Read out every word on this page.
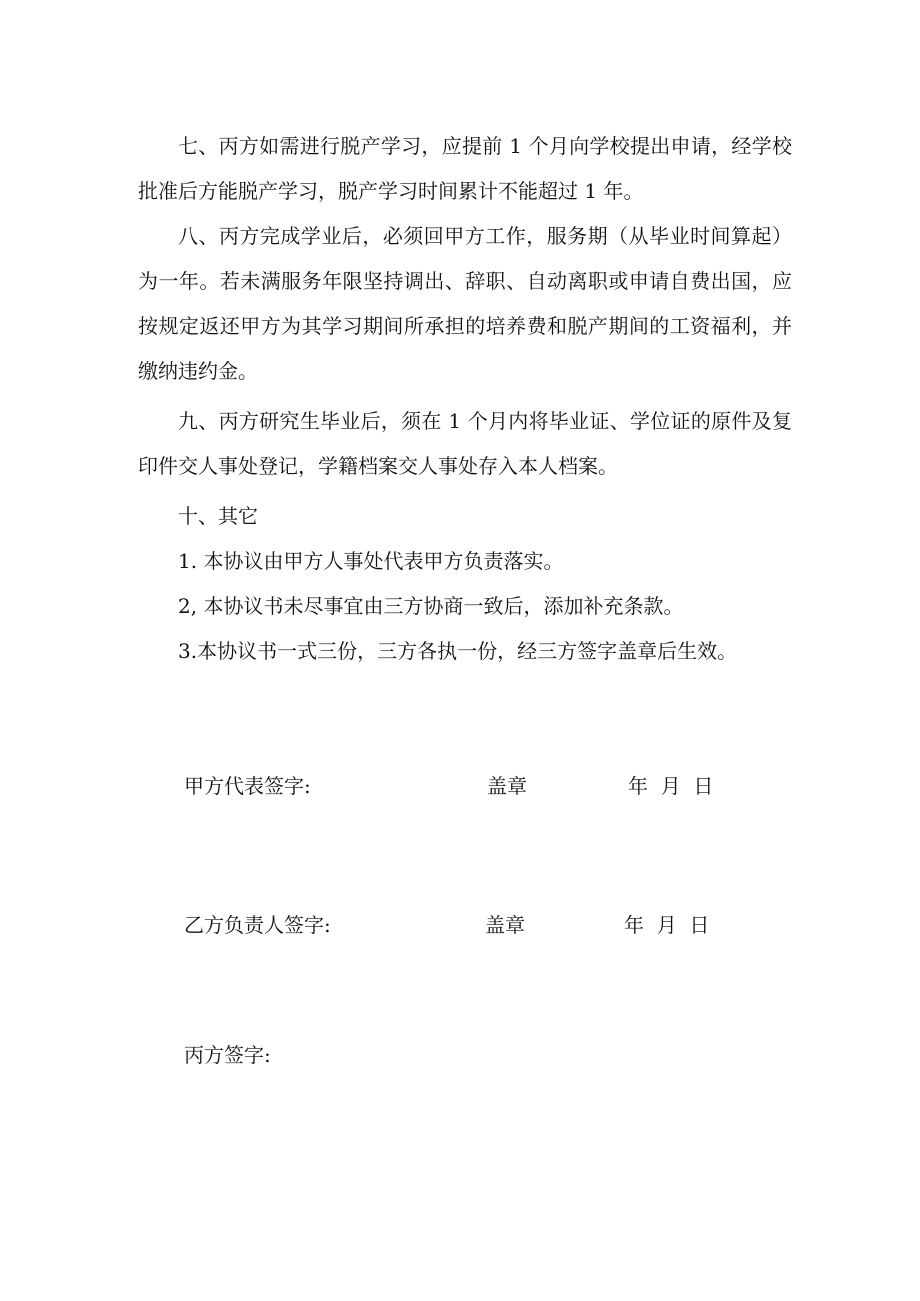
七、丙方如需进行脱产学习，应提前 1 个月向学校提出申请，经学校批准后方能脱产学习，脱产学习时间累计不能超过 1 年。

八、丙方完成学业后，必须回甲方工作，服务期（从毕业时间算起）为一年。若未满服务年限坚持调出、辞职、自动离职或申请自费出国，应按规定返还甲方为其学习期间所承担的培养费和脱产期间的工资福利，并缴纳违约金。

九、丙方研究生毕业后，须在 1 个月内将毕业证、学位证的原件及复印件交人事处登记，学籍档案交人事处存入本人档案。

十、其它

1. 本协议由甲方人事处代表甲方负责落实。

2, 本协议书未尽事宜由三方协商一致后，添加补充条款。

3.本协议书一式三份，三方各执一份，经三方签字盖章后生效。

甲方代表签字:	盖章	年  月  日
乙方负责人签字:	盖章	年  月  日
丙方签字:
